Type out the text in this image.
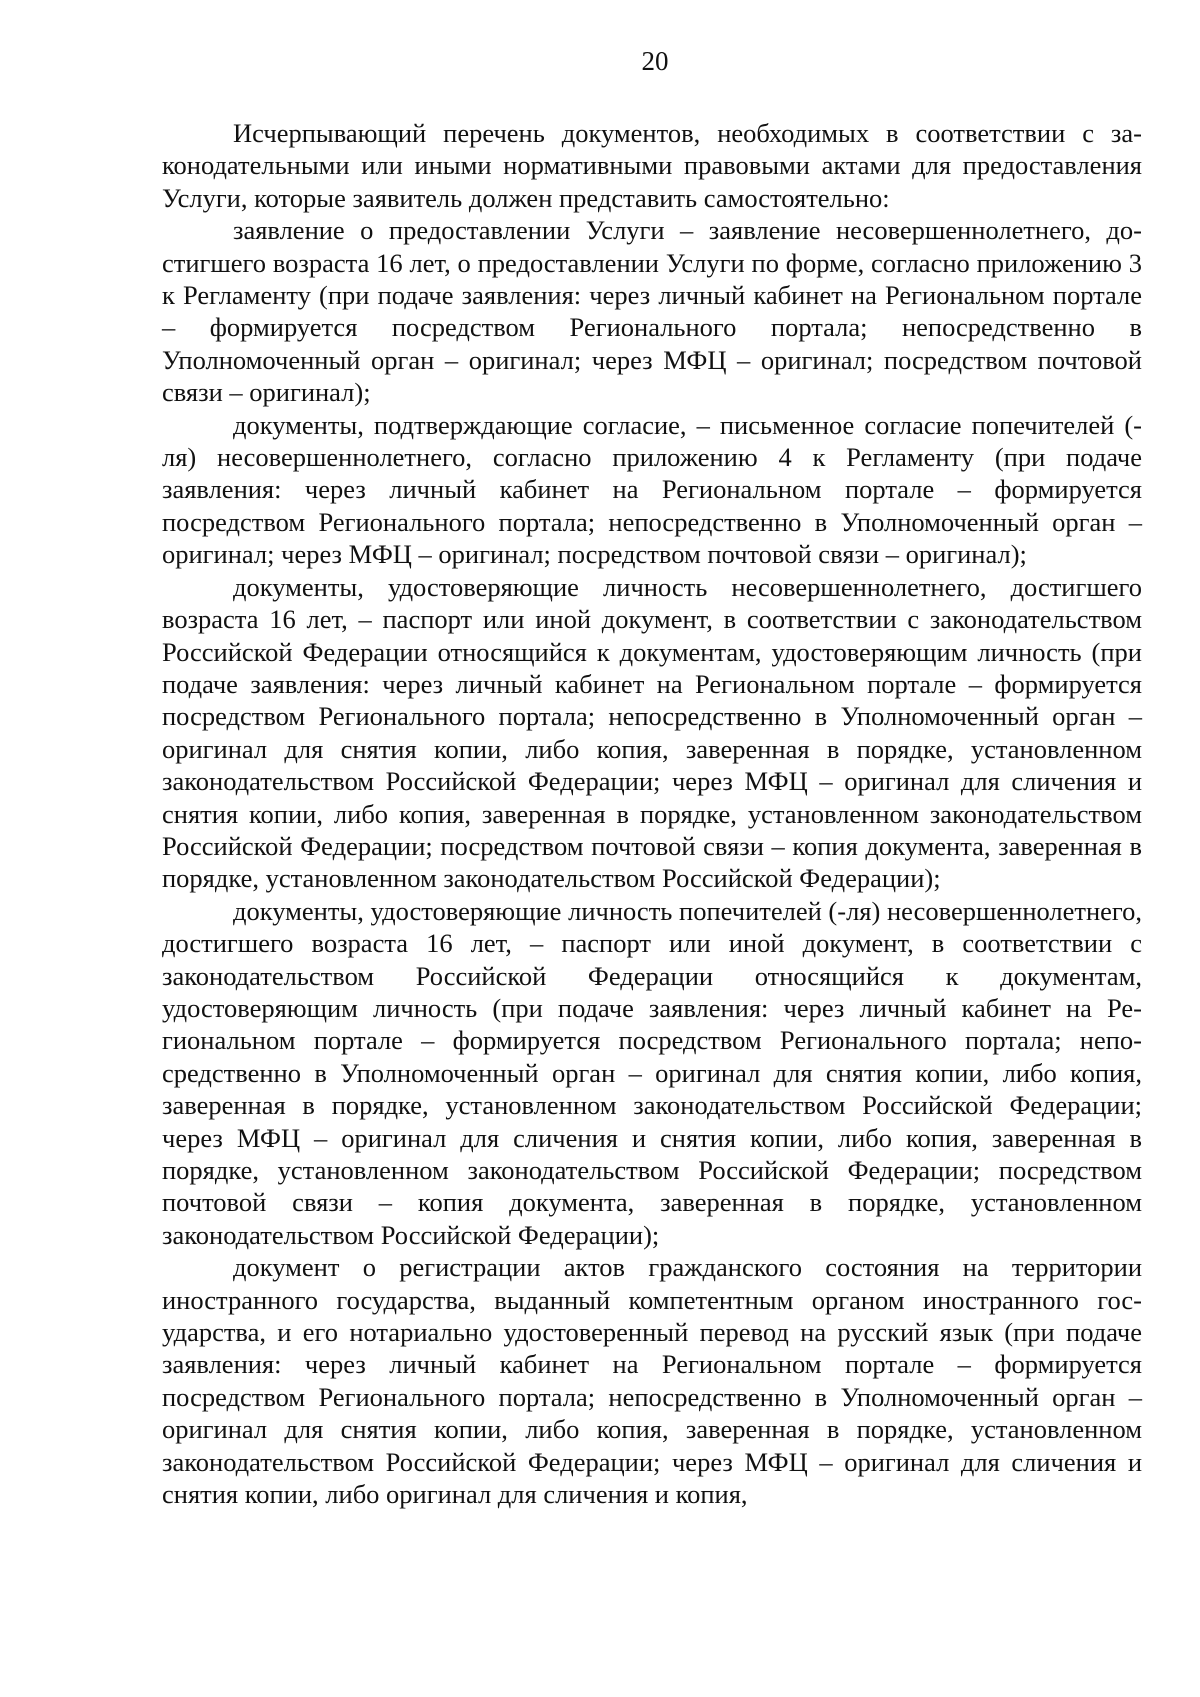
20

Исчерпывающий перечень документов, необходимых в соответствии с законодательными или иными нормативными правовыми актами для предоставления Услуги, которые заявитель должен представить самостоятельно:

заявление о предоставлении Услуги – заявление несовершеннолетнего, достигшего возраста 16 лет, о предоставлении Услуги по форме, согласно приложению 3 к Регламенту (при подаче заявления: через личный кабинет на Региональном портале – формируется посредством Регионального портала; непосредственно в Уполномоченный орган – оригинал; через МФЦ – оригинал; посредством почтовой связи – оригинал);

документы, подтверждающие согласие, – письменное согласие попечителей (-ля) несовершеннолетнего, согласно приложению 4 к Регламенту (при подаче заявления: через личный кабинет на Региональном портале – формируется посредством Регионального портала; непосредственно в Уполномоченный орган – оригинал; через МФЦ – оригинал; посредством почтовой связи – оригинал);

документы, удостоверяющие личность несовершеннолетнего, достигшего возраста 16 лет, – паспорт или иной документ, в соответствии с законодательством Российской Федерации относящийся к документам, удостоверяющим личность (при подаче заявления: через личный кабинет на Региональном портале – формируется посредством Регионального портала; непосредственно в Уполномоченный орган – оригинал для снятия копии, либо копия, заверенная в порядке, установленном законодательством Российской Федерации; через МФЦ – оригинал для сличения и снятия копии, либо копия, заверенная в порядке, установленном законодательством Российской Федерации; посредством почтовой связи – копия документа, заверенная в порядке, установленном законодательством Российской Федерации);

документы, удостоверяющие личность попечителей (-ля) несовершеннолетнего, достигшего возраста 16 лет, – паспорт или иной документ, в соответствии с законодательством Российской Федерации относящийся к документам, удостоверяющим личность (при подаче заявления: через личный кабинет на Региональном портале – формируется посредством Регионального портала; непосредственно в Уполномоченный орган – оригинал для снятия копии, либо копия, заверенная в порядке, установленном законодательством Российской Федерации; через МФЦ – оригинал для сличения и снятия копии, либо копия, заверенная в порядке, установленном законодательством Российской Федерации; посредством почтовой связи – копия документа, заверенная в порядке, установленном законодательством Российской Федерации);

документ о регистрации актов гражданского состояния на территории иностранного государства, выданный компетентным органом иностранного государства, и его нотариально удостоверенный перевод на русский язык (при подаче заявления: через личный кабинет на Региональном портале – формируется посредством Регионального портала; непосредственно в Уполномоченный орган – оригинал для снятия копии, либо копия, заверенная в порядке, установленном законодательством Российской Федерации; через МФЦ – оригинал для сличения и снятия копии, либо оригинал для сличения и копия,
